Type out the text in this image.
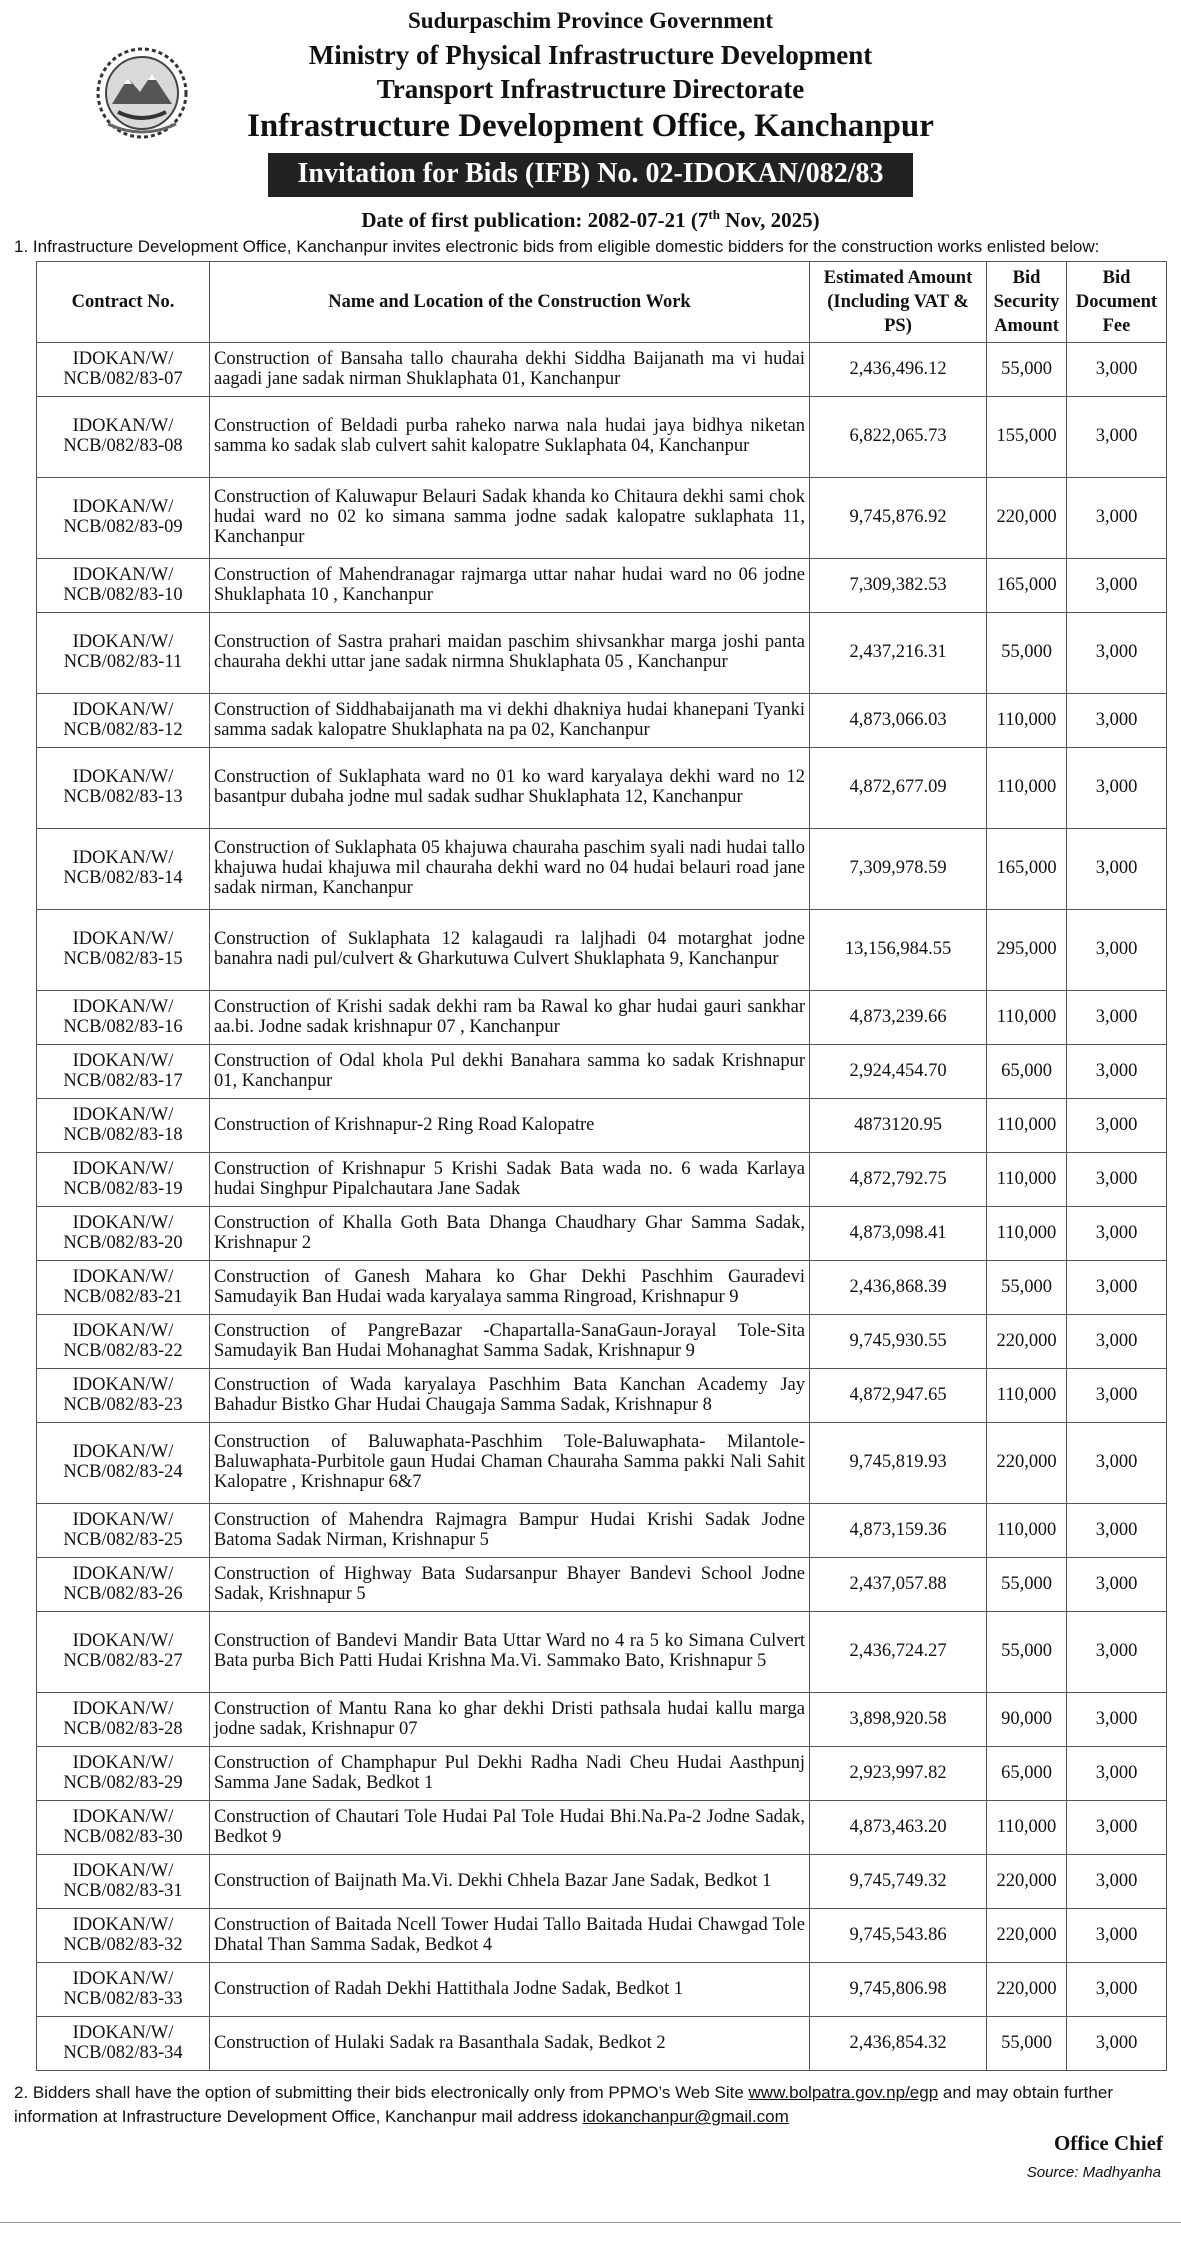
Sudurpaschim Province Government
Ministry of Physical Infrastructure Development
Transport Infrastructure Directorate
Infrastructure Development Office, Kanchanpur
Invitation for Bids (IFB) No. 02-IDOKAN/082/83
Date of first publication: 2082-07-21 (7th Nov, 2025)
1. Infrastructure Development Office, Kanchanpur invites electronic bids from eligible domestic bidders for the construction works enlisted below:
Contract No.	Name and Location of the Construction Work	Estimated Amount (Including VAT & PS)	Bid Security Amount	Bid Document Fee
IDOKAN/W/ NCB/082/83-07	Construction of Bansaha tallo chauraha dekhi Siddha Baijanath ma vi hudai aagadi jane sadak nirman Shuklaphata 01, Kanchanpur	2,436,496.12	55,000	3,000
IDOKAN/W/ NCB/082/83-08	Construction of Beldadi purba raheko narwa nala hudai jaya bidhya niketan samma ko sadak slab culvert sahit kalopatre Suklaphata 04, Kanchanpur	6,822,065.73	155,000	3,000
IDOKAN/W/ NCB/082/83-09	Construction of Kaluwapur Belauri Sadak khanda ko Chitaura dekhi sami chok hudai ward no 02 ko simana samma jodne sadak kalopatre suklaphata 11, Kanchanpur	9,745,876.92	220,000	3,000
IDOKAN/W/ NCB/082/83-10	Construction of Mahendranagar rajmarga uttar nahar hudai ward no 06 jodne Shuklaphata 10 , Kanchanpur	7,309,382.53	165,000	3,000
IDOKAN/W/ NCB/082/83-11	Construction of Sastra prahari maidan paschim shivsankhar marga joshi panta chauraha dekhi uttar jane sadak nirmna Shuklaphata 05 , Kanchanpur	2,437,216.31	55,000	3,000
IDOKAN/W/ NCB/082/83-12	Construction of Siddhabaijanath ma vi dekhi dhakniya hudai khanepani Tyanki samma sadak kalopatre Shuklaphata na pa 02, Kanchanpur	4,873,066.03	110,000	3,000
IDOKAN/W/ NCB/082/83-13	Construction of Suklaphata ward no 01 ko ward karyalaya dekhi ward no 12 basantpur dubaha jodne mul sadak sudhar Shuklaphata 12, Kanchanpur	4,872,677.09	110,000	3,000
IDOKAN/W/ NCB/082/83-14	Construction of Suklaphata 05 khajuwa chauraha paschim syali nadi hudai tallo khajuwa hudai khajuwa mil chauraha dekhi ward no 04 hudai belauri road jane sadak nirman, Kanchanpur	7,309,978.59	165,000	3,000
IDOKAN/W/ NCB/082/83-15	Construction of Suklaphata 12 kalagaudi ra laljhadi 04 motarghat jodne banahra nadi pul/culvert & Gharkutuwa Culvert Shuklaphata 9, Kanchanpur	13,156,984.55	295,000	3,000
IDOKAN/W/ NCB/082/83-16	Construction of Krishi sadak dekhi ram ba Rawal ko ghar hudai gauri sankhar aa.bi. Jodne sadak krishnapur 07 , Kanchanpur	4,873,239.66	110,000	3,000
IDOKAN/W/ NCB/082/83-17	Construction of Odal khola Pul dekhi Banahara samma ko sadak Krishnapur 01, Kanchanpur	2,924,454.70	65,000	3,000
IDOKAN/W/ NCB/082/83-18	Construction of Krishnapur-2 Ring Road Kalopatre	4873120.95	110,000	3,000
IDOKAN/W/ NCB/082/83-19	Construction of Krishnapur 5 Krishi Sadak Bata wada no. 6 wada Karlaya hudai Singhpur Pipalchautara Jane Sadak	4,872,792.75	110,000	3,000
IDOKAN/W/ NCB/082/83-20	Construction of Khalla Goth Bata Dhanga Chaudhary Ghar Samma Sadak, Krishnapur 2	4,873,098.41	110,000	3,000
IDOKAN/W/ NCB/082/83-21	Construction of Ganesh Mahara ko Ghar Dekhi Paschhim Gauradevi Samudayik Ban Hudai wada karyalaya samma Ringroad, Krishnapur 9	2,436,868.39	55,000	3,000
IDOKAN/W/ NCB/082/83-22	Construction of PangreBazar -Chapartalla-SanaGaun-Jorayal Tole-Sita Samudayik Ban Hudai Mohanaghat Samma Sadak, Krishnapur 9	9,745,930.55	220,000	3,000
IDOKAN/W/ NCB/082/83-23	Construction of Wada karyalaya Paschhim Bata Kanchan Academy Jay Bahadur Bistko Ghar Hudai Chaugaja Samma Sadak, Krishnapur 8	4,872,947.65	110,000	3,000
IDOKAN/W/ NCB/082/83-24	Construction of Baluwaphata-Paschhim Tole-Baluwaphata- Milantole-Baluwaphata-Purbitole gaun Hudai Chaman Chauraha Samma pakki Nali Sahit Kalopatre , Krishnapur 6&7	9,745,819.93	220,000	3,000
IDOKAN/W/ NCB/082/83-25	Construction of Mahendra Rajmagra Bampur Hudai Krishi Sadak Jodne Batoma Sadak Nirman, Krishnapur 5	4,873,159.36	110,000	3,000
IDOKAN/W/ NCB/082/83-26	Construction of Highway Bata Sudarsanpur Bhayer Bandevi School Jodne Sadak, Krishnapur 5	2,437,057.88	55,000	3,000
IDOKAN/W/ NCB/082/83-27	Construction of Bandevi Mandir Bata Uttar Ward no 4 ra 5 ko Simana Culvert Bata purba Bich Patti Hudai Krishna Ma.Vi. Sammako Bato, Krishnapur 5	2,436,724.27	55,000	3,000
IDOKAN/W/ NCB/082/83-28	Construction of Mantu Rana ko ghar dekhi Dristi pathsala hudai kallu marga jodne sadak, Krishnapur 07	3,898,920.58	90,000	3,000
IDOKAN/W/ NCB/082/83-29	Construction of Champhapur Pul Dekhi Radha Nadi Cheu Hudai Aasthpunj Samma Jane Sadak, Bedkot 1	2,923,997.82	65,000	3,000
IDOKAN/W/ NCB/082/83-30	Construction of Chautari Tole Hudai Pal Tole Hudai Bhi.Na.Pa-2 Jodne Sadak, Bedkot 9	4,873,463.20	110,000	3,000
IDOKAN/W/ NCB/082/83-31	Construction of Baijnath Ma.Vi. Dekhi Chhela Bazar Jane Sadak, Bedkot 1	9,745,749.32	220,000	3,000
IDOKAN/W/ NCB/082/83-32	Construction of Baitada Ncell Tower Hudai Tallo Baitada Hudai Chawgad Tole Dhatal Than Samma Sadak, Bedkot 4	9,745,543.86	220,000	3,000
IDOKAN/W/ NCB/082/83-33	Construction of Radah Dekhi Hattithala Jodne Sadak, Bedkot 1	9,745,806.98	220,000	3,000
IDOKAN/W/ NCB/082/83-34	Construction of Hulaki Sadak ra Basanthala Sadak, Bedkot 2	2,436,854.32	55,000	3,000
2. Bidders shall have the option of submitting their bids electronically only from PPMO’s Web Site www.bolpatra.gov.np/egp and may obtain further information at Infrastructure Development Office, Kanchanpur mail address idokanchanpur@gmail.com
Office Chief
Source: Madhyanha
